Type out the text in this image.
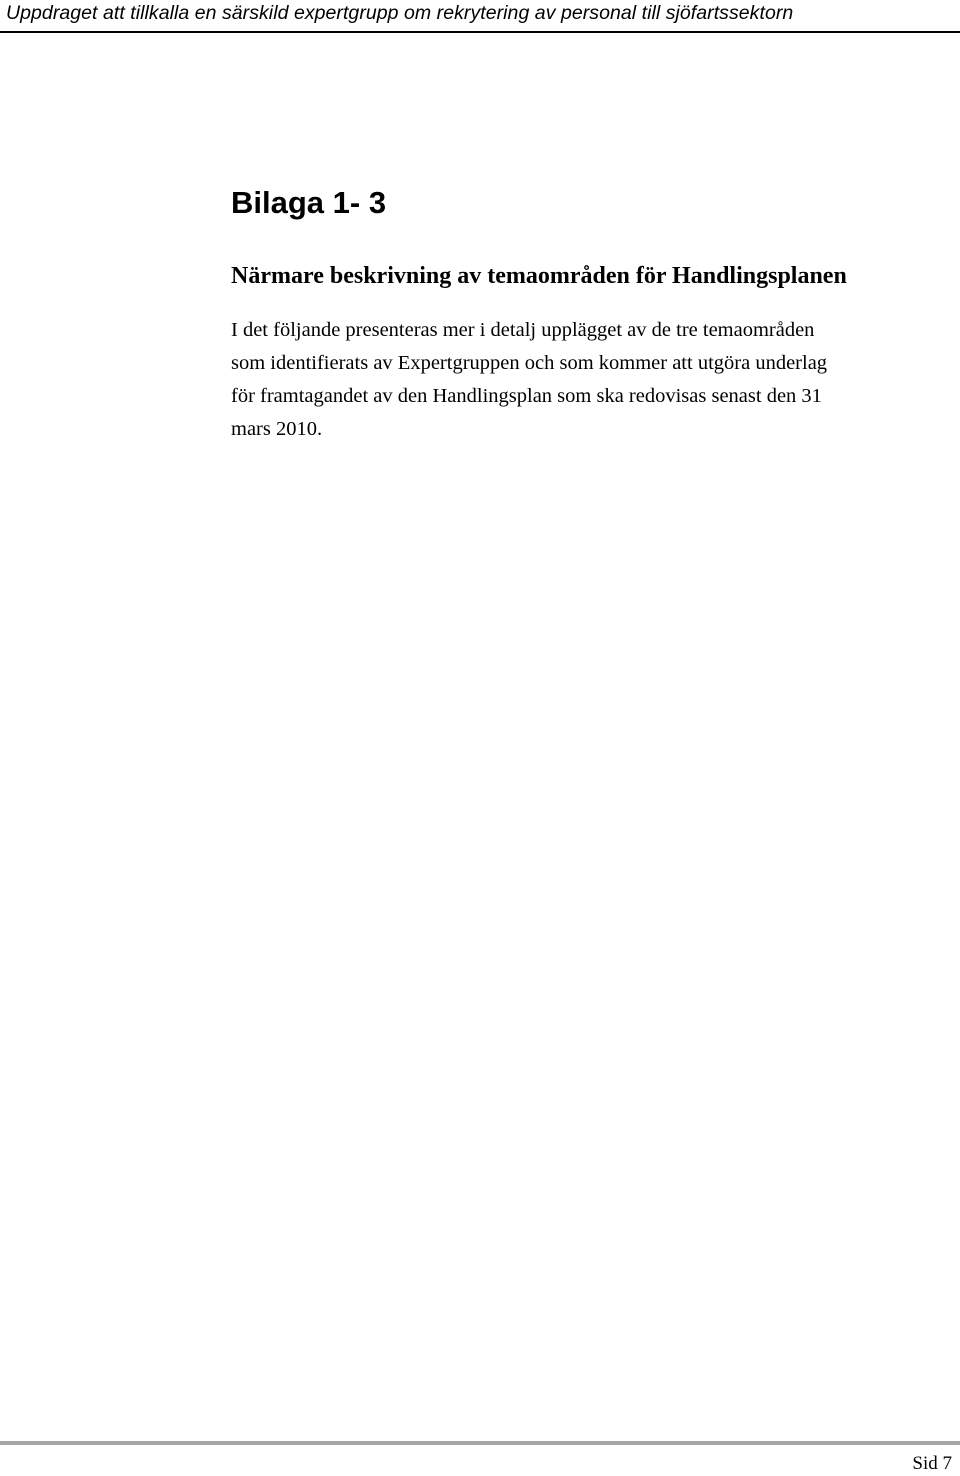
Uppdraget att tillkalla en särskild expertgrupp om rekrytering av personal till sjöfartssektorn
Bilaga 1- 3
Närmare beskrivning av temaområden för Handlingsplanen

I det följande presenteras mer i detalj upplägget av de tre temaområden
som identifierats av Expertgruppen och som kommer att utgöra underlag
för framtagandet av den Handlingsplan som ska redovisas senast den 31
mars 2010.

Sid 7
